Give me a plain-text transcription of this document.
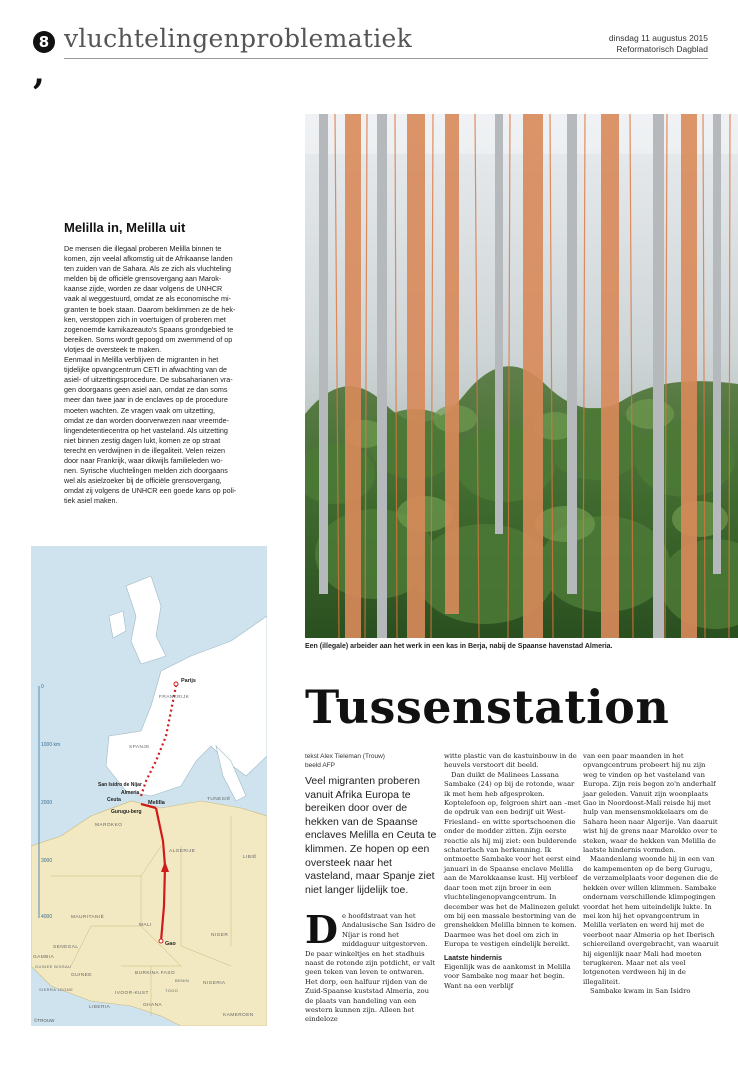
8
,
vluchtelingenproblematiek	dinsdag 11 augustus 2015
Reformatorisch Dagblad
Melilla in, Melilla uit
De mensen die illegaal proberen Melilla binnen te
komen, zijn veelal afkomstig uit de Afrikaanse landen
ten zuiden van de Sahara. Als ze zich als vluchteling
melden bij de officiële grensovergang aan Marok-
kaanse zijde, worden ze daar volgens de UNHCR
vaak al weggestuurd, omdat ze als economische mi-
granten te boek staan. Daarom beklimmen ze de hek-
ken, verstoppen zich in voertuigen of proberen met
zogenoemde kamikazeauto's Spaans grondgebied te
bereiken. Soms wordt gepoogd om zwemmend of op
vlotjes de oversteek te maken.
Eenmaal in Melilla verblijven de migranten in het
tijdelijke opvangcentrum CETI in afwachting van de
asiel- of uitzettingsprocedure. De subsaharianen vra-
gen doorgaans geen asiel aan, omdat ze dan soms
meer dan twee jaar in de enclaves op de procedure
moeten wachten. Ze vragen vaak om uitzetting,
omdat ze dan worden doorverwezen naar vreemde-
lingendetentiecentra op het vasteland. Als uitzetting
niet binnen zestig dagen lukt, komen ze op straat
terecht en verdwijnen in de illegaliteit. Velen reizen
door naar Frankrijk, waar dikwijls familieleden wo-
nen. Syrische vluchtelingen melden zich doorgaans
wel als asielzoeker bij de officiële grensovergang,
omdat zij volgens de UNHCR een goede kans op poli-
tiek asiel maken.
Een (illegale) arbeider aan het werk in een kas in Berja, nabij de Spaanse havenstad Almeria.
0
1000 km
2000
3000
4000
Parijs
San Isidro de Níjar
Almeria
Ceuta
Gurugu-berg
Melilla
Gao
FRANKRIJK
SPANJE
MAROKKO
ALGERIJE
TUNESIË
LIBIË
MAURITANIË
MALI
NIGER
SENEGAL
GAMBIA
GUINEE BISSAU
GUINEE
SIERRA LEONE
LIBERIA
IVOOR-KUST
BURKINA FASO
GHANA
TOGO
BENIN
NIGERIA
KAMEROEN
©TROUW
Tussenstation
tekst Alex Tieleman (Trouw)
beeld AFP
Veel migranten proberen vanuit Afrika Europa te bereiken door over de hekken van de Spaanse enclaves Melilla en Ceuta te klimmen. Ze hopen op een oversteek naar het vasteland, maar Spanje ziet niet langer lijdelijk toe.
D e hoofdstraat van het Andalusische San Isidro de Níjar is rond het middaguur uitgestorven. De paar winkeltjes en het stadhuis naast de rotonde zijn potdicht, er valt geen teken van leven te ontwaren. Het dorp, een halfuur rijden van de Zuid-Spaanse kuststad Almeria, zou de plaats van handeling van een western kunnen zijn. Alleen het eindeloze

witte plastic van de kastuinbouw in de heuvels verstoort dit beeld.

Dan duikt de Malinees Lassana Sambake (24) op bij de rotonde, waar ik met hem heb afgesproken. Koptelefoon op, felgroen shirt aan –met de opdruk van een bedrijf uit West-Friesland– en witte sportschoenen die onder de modder zitten. Zijn eerste reactie als hij mij ziet: een bulderende schaterlach van herkenning. Ik ontmoette Sambake voor het eerst eind januari in de Spaanse enclave Melilla aan de Marokkaanse kust. Hij verbleef daar toen met zijn broer in een vluchtelingenopvangcentrum. In december was het de Malinezen gelukt om bij een massale bestorming van de grenshekken Melilla binnen te komen. Daarmee was het doel om zich in Europa te vestigen eindelijk bereikt.

Laatste hindernis

Eigenlijk was de aankomst in Melilla voor Sambake nog maar het begin. Want na een verblijf

van een paar maanden in het opvangcentrum probeert hij nu zijn weg te vinden op het vasteland van Europa. Zijn reis begon zo'n anderhalf jaar geleden. Vanuit zijn woonplaats Gao in Noordoost-Mali reisde hij met hulp van mensensmokkelaars om de Sahara heen naar Algerije. Van daaruit wist hij de grens naar Marokko over te steken, waar de hekken van Melilla de laatste hindernis vormden.

Maandenlang woonde hij in een van de kampementen op de berg Gurugu, de verzamelplaats voor degenen die de hekken over willen klimmen. Sambake ondernam verschillende klimpogingen voordat het hem uiteindelijk lukte. In mei kon hij het opvangcentrum in Melilla verlaten en werd hij met de veerboot naar Almeria op het Iberisch schiereiland overgebracht, van waaruit hij eigenlijk naar Mali had moeten terugkeren. Maar net als veel lotgenoten verdween hij in de illegaliteit.

Sambake kwam in San Isidro
